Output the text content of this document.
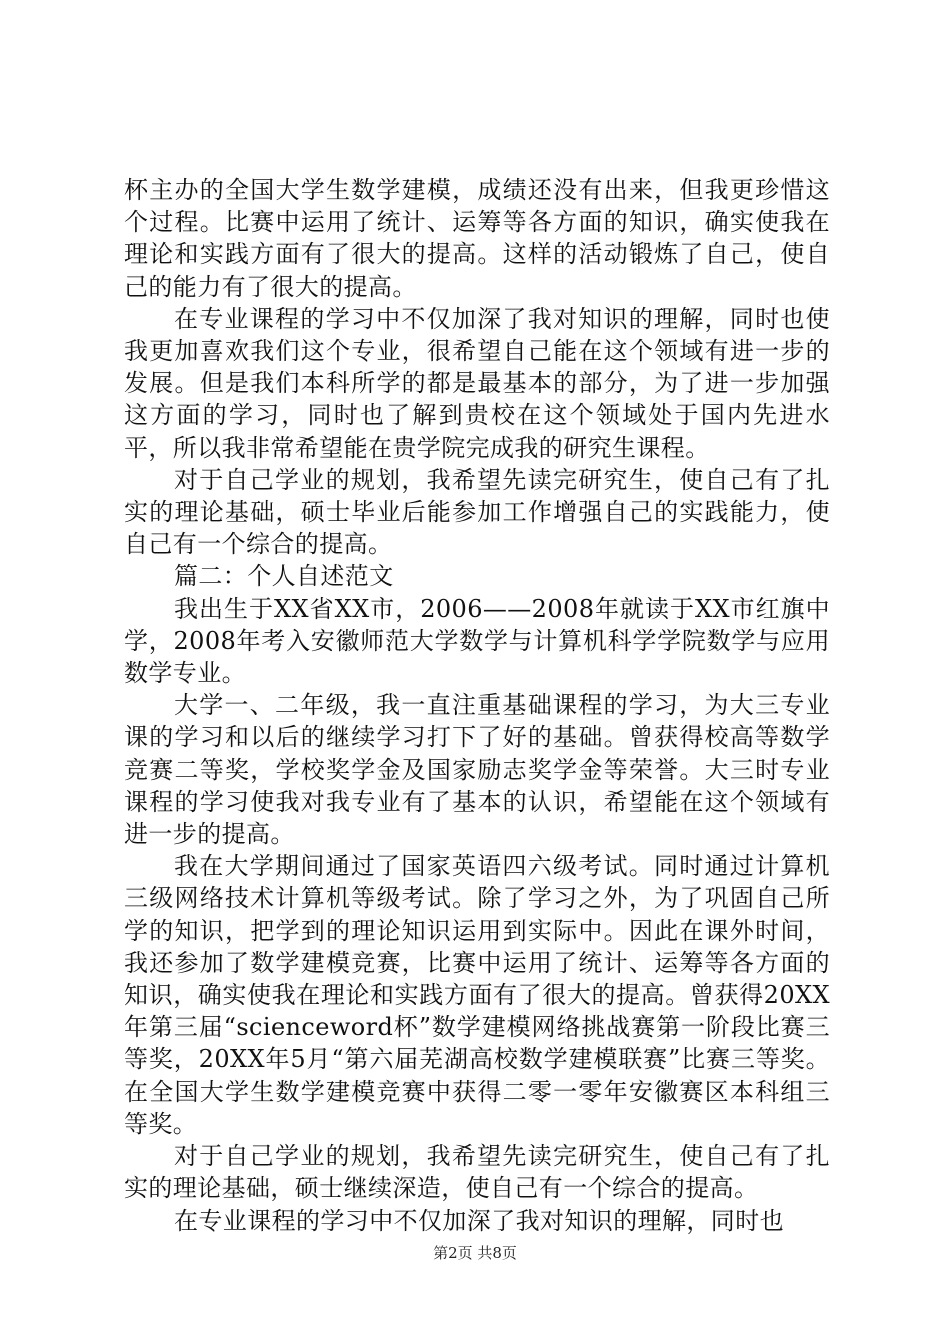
杯主办的全国大学生数学建模，成绩还没有出来，但我更珍惜这个过程。比赛中运用了统计、运筹等各方面的知识，确实使我在理论和实践方面有了很大的提高。这样的活动锻炼了自己，使自己的能力有了很大的提高。

在专业课程的学习中不仅加深了我对知识的理解，同时也使我更加喜欢我们这个专业，很希望自己能在这个领域有进一步的发展。但是我们本科所学的都是最基本的部分，为了进一步加强这方面的学习，同时也了解到贵校在这个领域处于国内先进水平，所以我非常希望能在贵学院完成我的研究生课程。

对于自己学业的规划，我希望先读完研究生，使自己有了扎实的理论基础，硕士毕业后能参加工作增强自己的实践能力，使自己有一个综合的提高。

篇二：个人自述范文

我出生于XX省XX市，2006——2008年就读于XX市红旗中学，2008年考入安徽师范大学数学与计算机科学学院数学与应用数学专业。

大学一、二年级，我一直注重基础课程的学习，为大三专业课的学习和以后的继续学习打下了好的基础。曾获得校高等数学竞赛二等奖，学校奖学金及国家励志奖学金等荣誉。大三时专业课程的学习使我对我专业有了基本的认识，希望能在这个领域有进一步的提高。

我在大学期间通过了国家英语四六级考试。同时通过计算机三级网络技术计算机等级考试。除了学习之外，为了巩固自己所学的知识，把学到的理论知识运用到实际中。因此在课外时间，我还参加了数学建模竞赛，比赛中运用了统计、运筹等各方面的知识，确实使我在理论和实践方面有了很大的提高。曾获得20XX年第三届“scienceword杯”数学建模网络挑战赛第一阶段比赛三等奖，20XX年5月“第六届芜湖高校数学建模联赛”比赛三等奖。在全国大学生数学建模竞赛中获得二零一零年安徽赛区本科组三等奖。

对于自己学业的规划，我希望先读完研究生，使自己有了扎实的理论基础，硕士继续深造，使自己有一个综合的提高。

在专业课程的学习中不仅加深了我对知识的理解，同时也

第2页 共8页
